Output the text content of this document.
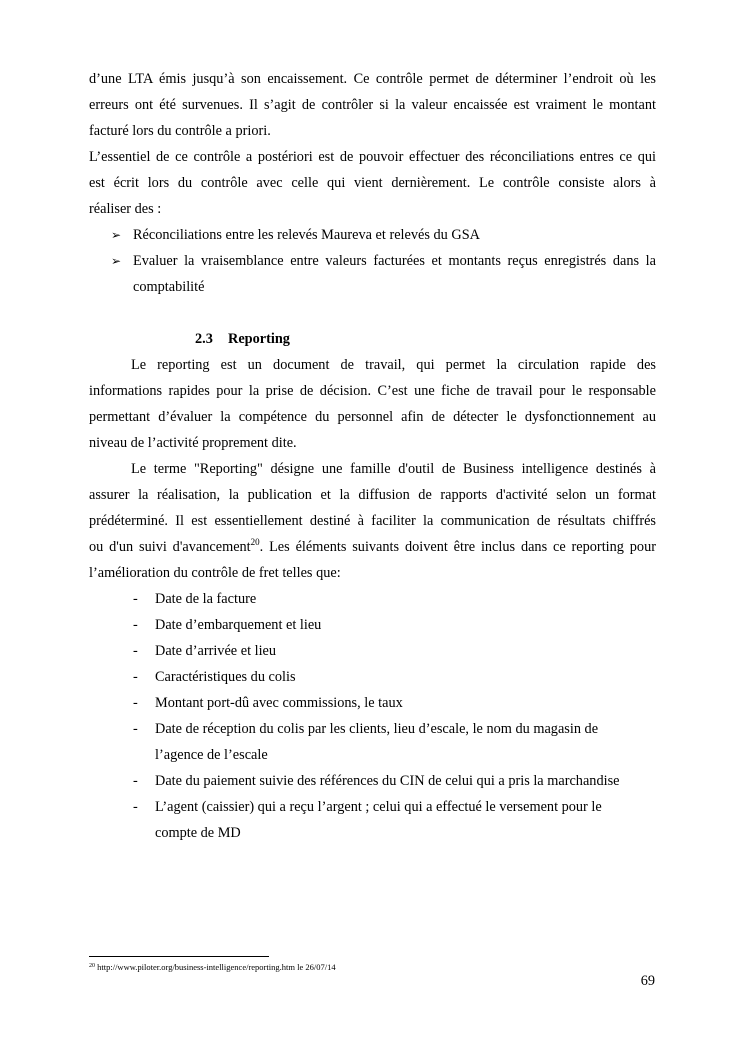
d’une LTA émis jusqu’à son encaissement. Ce contrôle permet de déterminer l’endroit où les
erreurs ont été survenues. Il s’agit de contrôler si la valeur encaissée est vraiment le montant
facturé lors du contrôle a priori.
L’essentiel de ce contrôle a postériori est de pouvoir effectuer des réconciliations entres ce qui
est écrit lors du contrôle avec celle qui vient dernièrement. Le contrôle consiste alors à
réaliser des :
➢ Réconciliations entre les relevés Maureva et relevés du GSA
➢ Evaluer la vraisemblance entre valeurs facturées et montants reçus enregistrés dans la
comptabilité
2.3 Reporting
Le reporting est un document de travail, qui permet la circulation rapide des
informations rapides pour la prise de décision. C’est une fiche de travail pour le responsable
permettant d’évaluer la compétence du personnel afin de détecter le dysfonctionnement au
niveau de l’activité proprement dite.
Le terme "Reporting" désigne une famille d'outil de Business intelligence destinés à
assurer la réalisation, la publication et la diffusion de rapports d'activité selon un format
prédéterminé. Il est essentiellement destiné à faciliter la communication de résultats chiffrés
ou d'un suivi d'avancement$^{20}$. Les éléments suivants doivent être inclus dans ce reporting pour
l’amélioration du contrôle de fret telles que:
- Date de la facture
- Date d’embarquement et lieu
- Date d’arrivée et lieu
- Caractéristiques du colis
- Montant port-dû avec commissions, le taux
- Date de réception du colis par les clients, lieu d’escale, le nom du magasin de
l’agence de l’escale
- Date du paiement suivie des références du CIN de celui qui a pris la marchandise
- L’agent (caissier) qui a reçu l’argent ; celui qui a effectué le versement pour le
compte de MD
$^{20}$ http://www.piloter.org/business-intelligence/reporting.htm le 26/07/14
69
